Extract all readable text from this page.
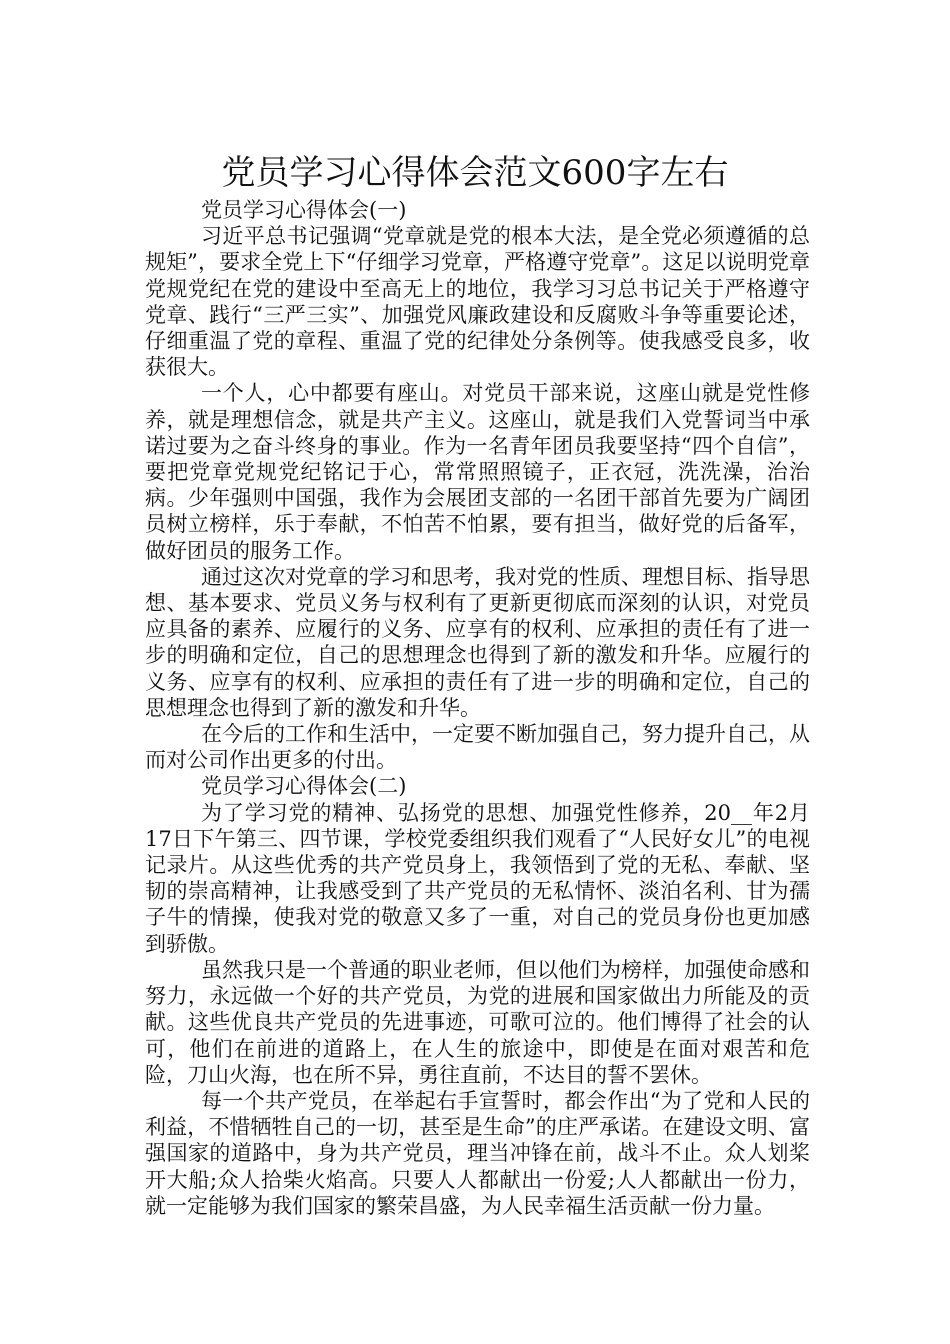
党员学习心得体会范文600字左右

党员学习心得体会(一)

习近平总书记强调“党章就是党的根本大法，是全党必须遵循的总规矩”，要求全党上下“仔细学习党章，严格遵守党章”。这足以说明党章党规党纪在党的建设中至高无上的地位，我学习习总书记关于严格遵守党章、践行“三严三实”、加强党风廉政建设和反腐败斗争等重要论述，仔细重温了党的章程、重温了党的纪律处分条例等。使我感受良多，收获很大。

一个人，心中都要有座山。对党员干部来说，这座山就是党性修养，就是理想信念，就是共产主义。这座山，就是我们入党誓词当中承诺过要为之奋斗终身的事业。作为一名青年团员我要坚持“四个自信”，要把党章党规党纪铭记于心，常常照照镜子，正衣冠，洗洗澡，治治病。少年强则中国强，我作为会展团支部的一名团干部首先要为广阔团员树立榜样，乐于奉献，不怕苦不怕累，要有担当，做好党的后备军，做好团员的服务工作。

通过这次对党章的学习和思考，我对党的性质、理想目标、指导思想、基本要求、党员义务与权利有了更新更彻底而深刻的认识，对党员应具备的素养、应履行的义务、应享有的权利、应承担的责任有了进一步的明确和定位，自己的思想理念也得到了新的激发和升华。应履行的义务、应享有的权利、应承担的责任有了进一步的明确和定位，自己的思想理念也得到了新的激发和升华。

在今后的工作和生活中，一定要不断加强自己，努力提升自己，从而对公司作出更多的付出。

党员学习心得体会(二)

为了学习党的精神、弘扬党的思想、加强党性修养，20__年2月17日下午第三、四节课，学校党委组织我们观看了“人民好女儿”的电视记录片。从这些优秀的共产党员身上，我领悟到了党的无私、奉献、坚韧的崇高精神，让我感受到了共产党员的无私情怀、淡泊名利、甘为孺子牛的情操，使我对党的敬意又多了一重，对自己的党员身份也更加感到骄傲。

虽然我只是一个普通的职业老师，但以他们为榜样，加强使命感和努力，永远做一个好的共产党员，为党的进展和国家做出力所能及的贡献。这些优良共产党员的先进事迹，可歌可泣的。他们博得了社会的认可，他们在前进的道路上，在人生的旅途中，即使是在面对艰苦和危险，刀山火海，也在所不异，勇往直前，不达目的誓不罢休。

每一个共产党员，在举起右手宣誓时，都会作出“为了党和人民的利益，不惜牺牲自己的一切，甚至是生命”的庄严承诺。在建设文明、富强国家的道路中，身为共产党员，理当冲锋在前，战斗不止。众人划桨开大船;众人拾柴火焰高。只要人人都献出一份爱;人人都献出一份力，就一定能够为我们国家的繁荣昌盛，为人民幸福生活贡献一份力量。
